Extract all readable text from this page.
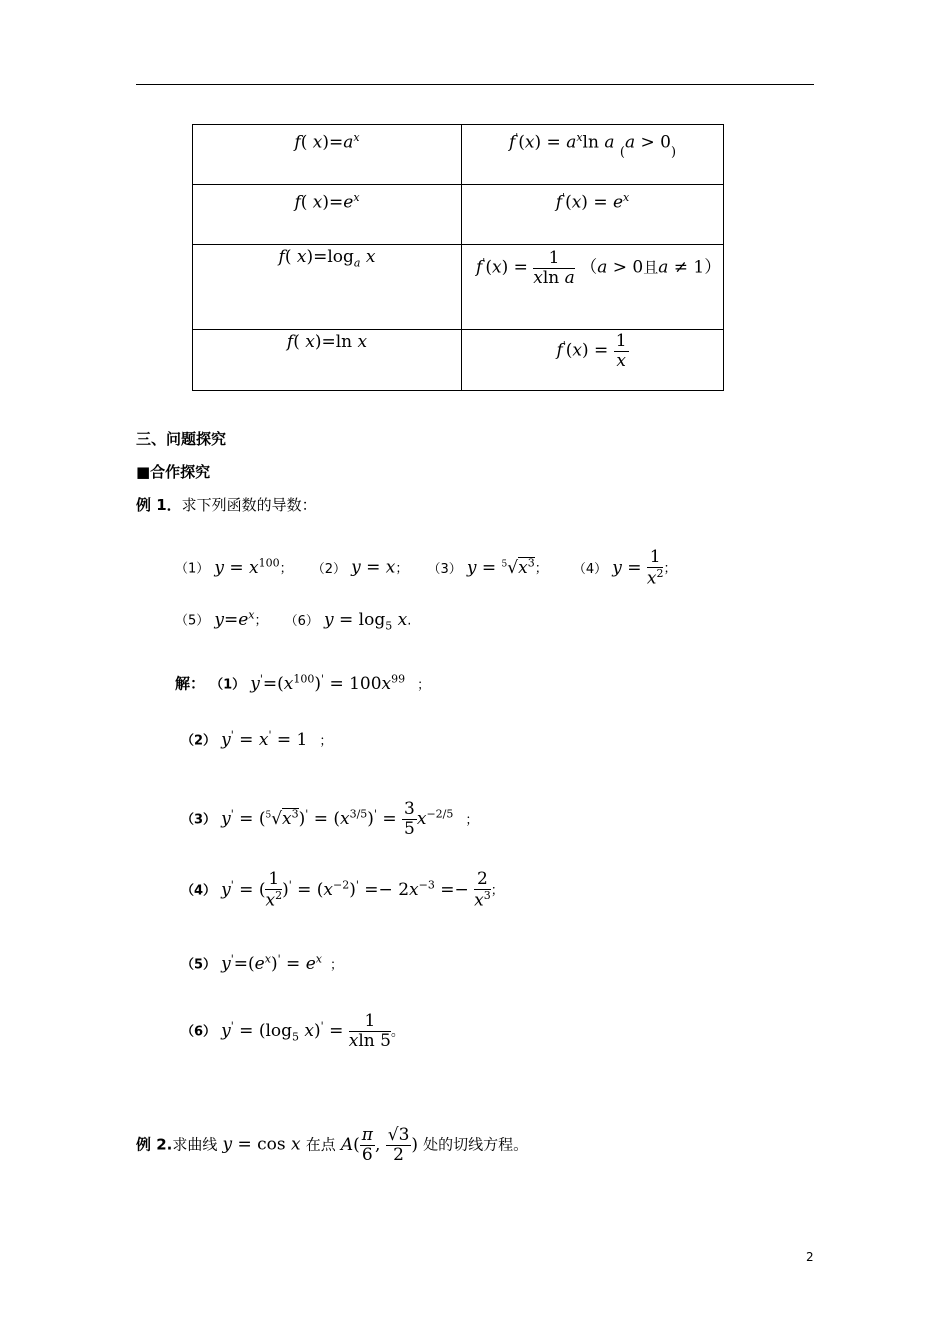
f( $x)=a^x$	$f'(x) = a^x\ln$ a $_(a > 0_)$

f( $x)=e^x$	$f'(x) = e^x$

f( $x)=\log_a$ x	$f'(x) = \frac{1}{\text{xln a}} (a > 0$且a ≠ 1）

f( x)=ln x	$f'(x) = \frac{1}{x}$
三、问题探究
■合作探究
例 1．求下列函数的导数：
（1） $y = x^{100}$； （2） y = x； （3） $y = ^5√x^3$； （4） $y = \frac{1}{x^2}$ ；
（5） $y=e^x$； （6） $y = \log_5 x$.
解： （1） $y'=(x^{100})' = 100x^{99}$ ；
（2） y' = x' = 1 ；
（3） $y' = (^5√x^3)' = (x^{3/5})' = \frac{3}{5} x^{-2/5}$ ；
（4） y' = ( $\frac{1}{x^2} )' = (x^{-2})' =- 2x^{-3} =- \frac{2}{x^3}$ ；
（5） $y'=(e^x)' = e^x$ ；
（6） $y' = (\log_5$ $x)' = \frac{1}{xln 5}$ 。
例 2.求曲线 y = cos x 在点 $A( \frac{\pi}{6}$ , $\frac{√3}{2}$ ) 处的切线方程。
2
